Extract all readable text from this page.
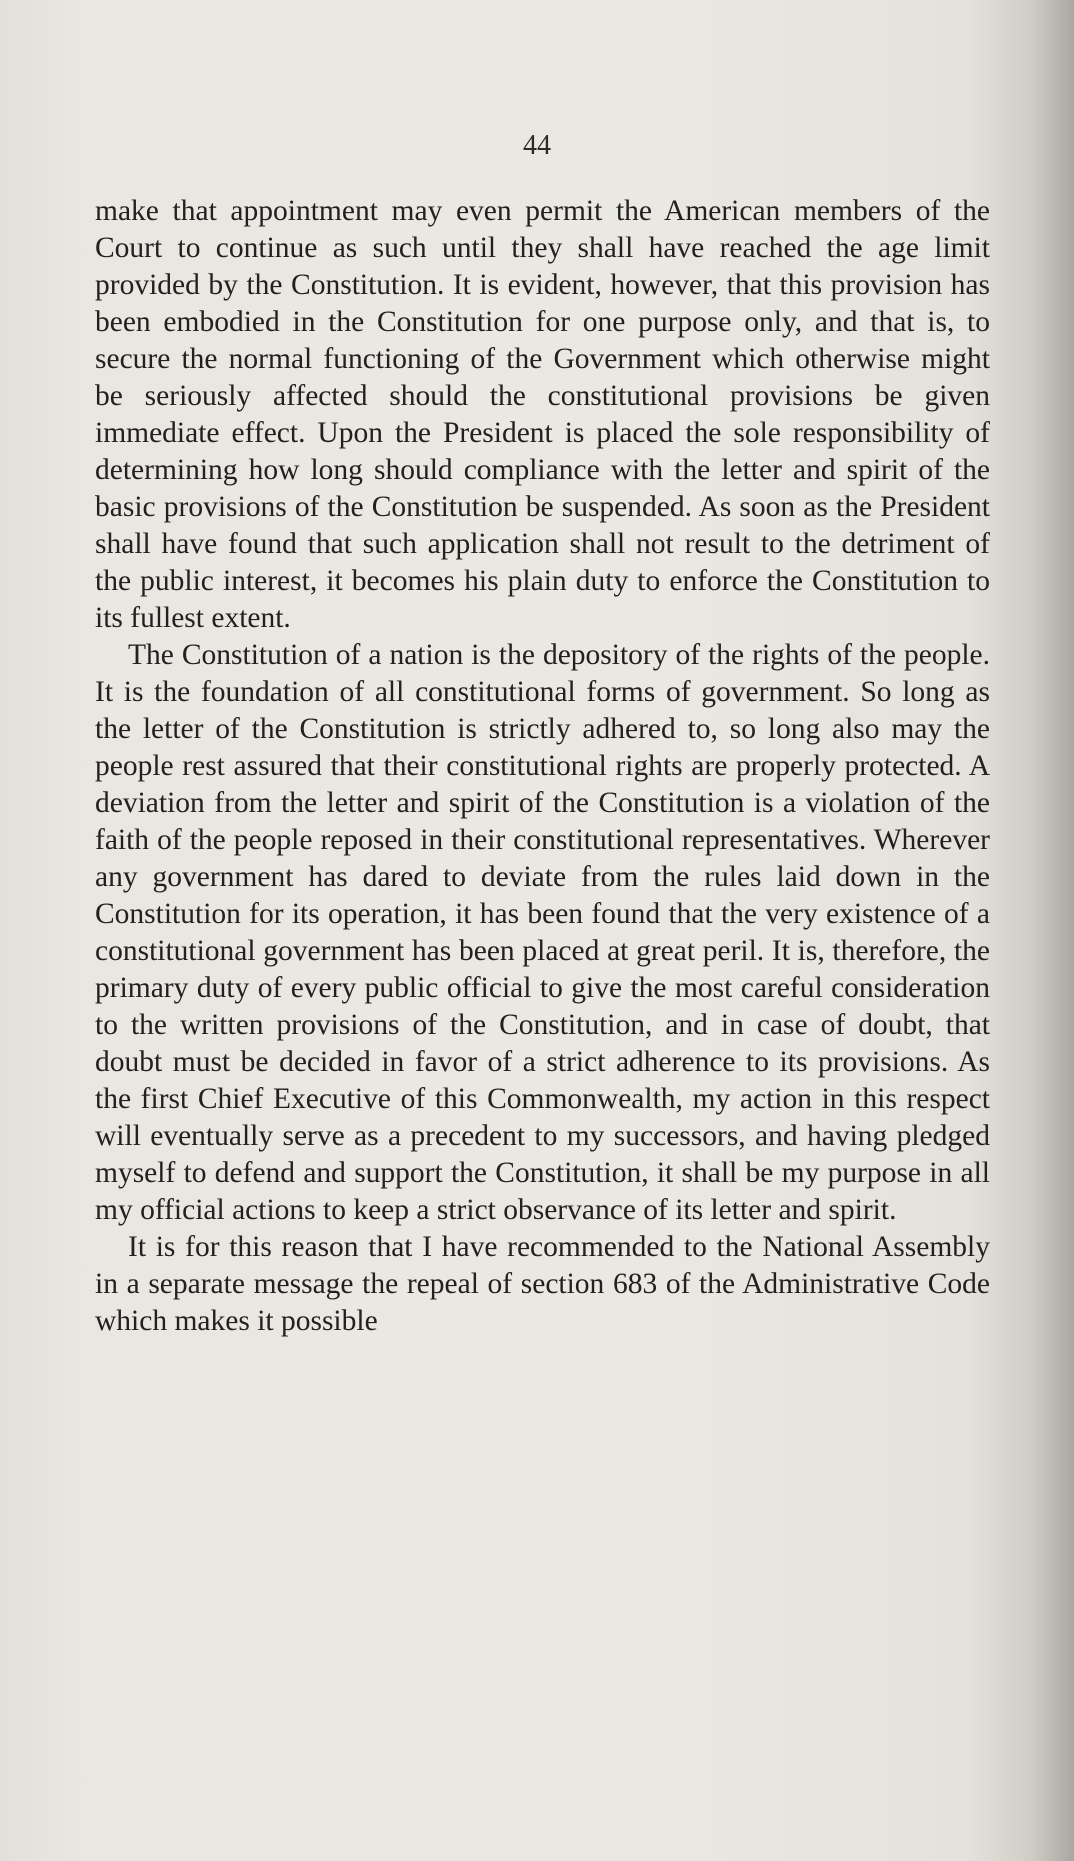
44

make that appointment may even permit the American members of the Court to continue as such until they shall have reached the age limit provided by the Constitution. It is evident, however, that this provision has been embodied in the Constitution for one purpose only, and that is, to secure the normal functioning of the Government which otherwise might be seriously affected should the constitutional provisions be given immediate effect. Upon the President is placed the sole responsibility of determining how long should compliance with the letter and spirit of the basic provisions of the Constitution be suspended. As soon as the President shall have found that such application shall not result to the detriment of the public interest, it becomes his plain duty to enforce the Constitution to its fullest extent.

The Constitution of a nation is the depository of the rights of the people. It is the foundation of all constitutional forms of government. So long as the letter of the Constitution is strictly adhered to, so long also may the people rest assured that their constitutional rights are properly protected. A deviation from the letter and spirit of the Constitution is a violation of the faith of the people reposed in their constitutional representatives. Wherever any government has dared to deviate from the rules laid down in the Constitution for its operation, it has been found that the very existence of a constitutional government has been placed at great peril. It is, therefore, the primary duty of every public official to give the most careful consideration to the written provisions of the Constitution, and in case of doubt, that doubt must be decided in favor of a strict adherence to its provisions. As the first Chief Executive of this Commonwealth, my action in this respect will eventually serve as a precedent to my successors, and having pledged myself to defend and support the Constitution, it shall be my purpose in all my official actions to keep a strict observance of its letter and spirit.

It is for this reason that I have recommended to the National Assembly in a separate message the repeal of section 683 of the Administrative Code which makes it possible
